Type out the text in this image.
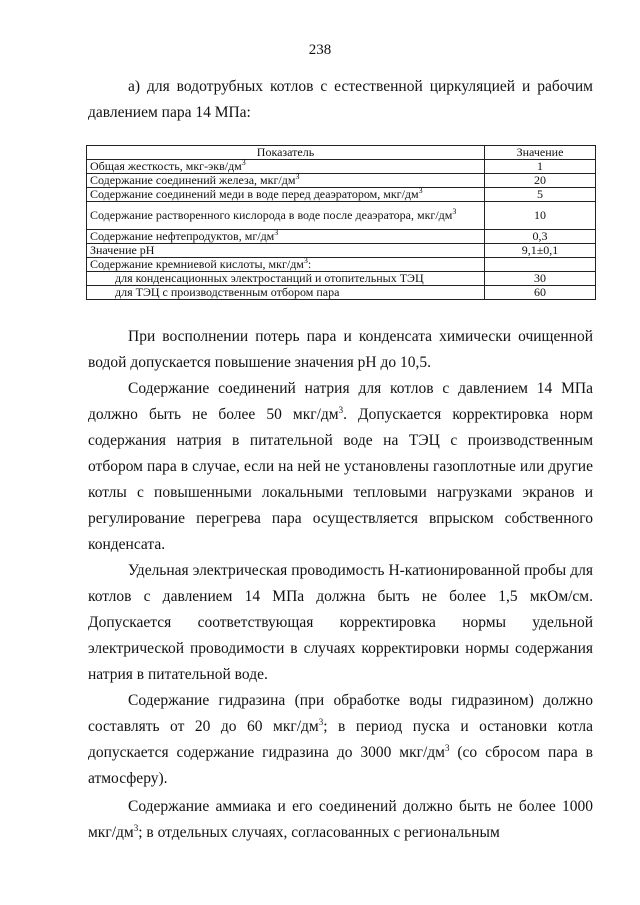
238

а) для водотрубных котлов с естественной циркуляцией и рабочим давлением пара 14 МПа:

Показатель	Значение
Общая жесткость, мкг-$экв/дм^3$	1
Содержание соединений железа, мкг/$дм^3$	20
Содержание соединений меди в воде перед деаэратором, мкг/$дм^3$	5
Содержание растворенного кислорода в воде после деаэратора, мкг/$дм^3$	10
Содержание нефтепродуктов, $мг/дм^3$	0,3
Значение рН	9,1±0,1
Содержание кремниевой кислоты, мкг/$дм^3$:	
для конденсационных электростанций и отопительных ТЭЦ	30
для ТЭЦ с производственным отбором пара	60

При восполнении потерь пара и конденсата химически очищенной водой допускается повышение значения рН до 10,5.

Содержание соединений натрия для котлов с давлением 14 МПа должно быть не более 50 мкг/$дм^3$. Допускается корректировка норм содержания натрия в питательной воде на ТЭЦ с производственным отбором пара в случае, если на ней не установлены газоплотные или другие котлы с повышенными локальными тепловыми нагрузками экранов и регулирование перегрева пара осуществляется впрыском собственного конденсата.

Удельная электрическая проводимость Н-катионированной пробы для котлов с давлением 14 МПа должна быть не более 1,5 мкОм/см. Допускается соответствующая корректировка нормы удельной электрической проводимости в случаях корректировки нормы содержания натрия в питательной воде.

Содержание гидразина (при обработке воды гидразином) должно составлять от 20 до 60 мкг/$дм^3$; в период пуска и остановки котла допускается содержание гидразина до 3000 мкг/$дм^3$ (со сбросом пара в атмосферу).

Содержание аммиака и его соединений должно быть не более 1000 мкг/$дм^3$; в отдельных случаях, согласованных с региональным
